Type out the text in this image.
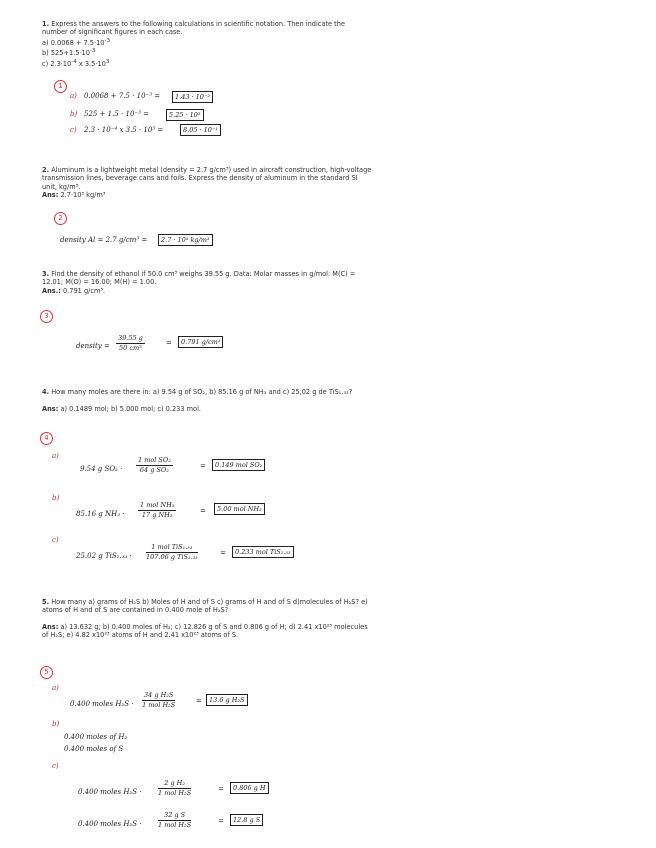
1. Express the answers to the following calculations in scientific notation. Then indicate the number of significant figures in each case.

a) $0.0068 + 7.5\cdot 10^{-3}$

b) $525+1.5\cdot 10^{-3}$

c) $2.3\cdot 10^{-4}$ x $3.5\cdot 10^3$

1
a) 0.0068 + 7.5 · 10⁻³ =	1.43 · 10⁻²
b) 525 + 1.5 · 10⁻³ =	5.25 · 10²
c) 2.3 · 10⁻⁴ x 3.5 · 10³ =	8.05 · 10⁻¹

2. Aluminum is a lightweight metal (density = 2.7 g/cm³) used in aircraft construction, high-voltage transmission lines, beverage cans and foils. Express the density of aluminum in the standard SI unit, kg/m³.

Ans: 2.7·10³ kg/m³

2
density Al = 2.7 g/cm³ =	2.7 · 10³ kg/m³

3. Find the density of ethanol if 50.0 cm³ weighs 39.55 g. Data: Molar masses in g/mol: M(C) = 12.01; M(O) = 16.00; M(H) = 1.00.

Ans.: 0.791 g/cm³.

3
density = $\frac{39.55 g}{\text{50 cm³}}$	=	0.791 g/cm³

4. How many moles are there in: a) 9.54 g of SO₂, b) 85.16 g of NH₃ and c) 25,02 g de TiS₁.₃₃?

Ans: a) 0.1489 mol; b) 5.000 mol; c) 0.233 mol.

4
a)
9.54 g SO₂ ·
1 mol SO₂
64 g SO₂	=	0.149 mol SO₂
b)
85.16 g NH₃ ·
1 mol NH₃
17 g NH₃	=	5.00 mol NH₃
c)
25.02 g TiS₁.₃₃ ·
1 mol TiS₁.₃₃
107.06 g TiS₁.₃₃	=	0.233 mol TiS₁.₃₃

5. How many a) grams of H₂S b) Moles of H and of S c) grams of H and of S d)molecules of H₂S? e) atoms of H and of S are contained in 0.400 mole of H₂S?

Ans: a) 13.632 g; b) 0.400 moles of H₂; c) 12.826 g of S and 0.806 g of H; d) 2.41 x10²³ molecules of H₂S; e) 4.82 x10²³ atoms of H and 2.41 x10²³ atoms of S.

5
a)
0.400 moles H₂S ·
34 g H₂S
1 mol H₂S	=	13.6 g H₂S
b)
0.400 moles of H₂
0.400 moles of S
c)
0.400 moles H₂S ·
2 g H₂
1 mol H₂S	=	0.806 g H
0.400 moles H₂S ·
32 g S
1 mol H₂S	=	12.8 g S
